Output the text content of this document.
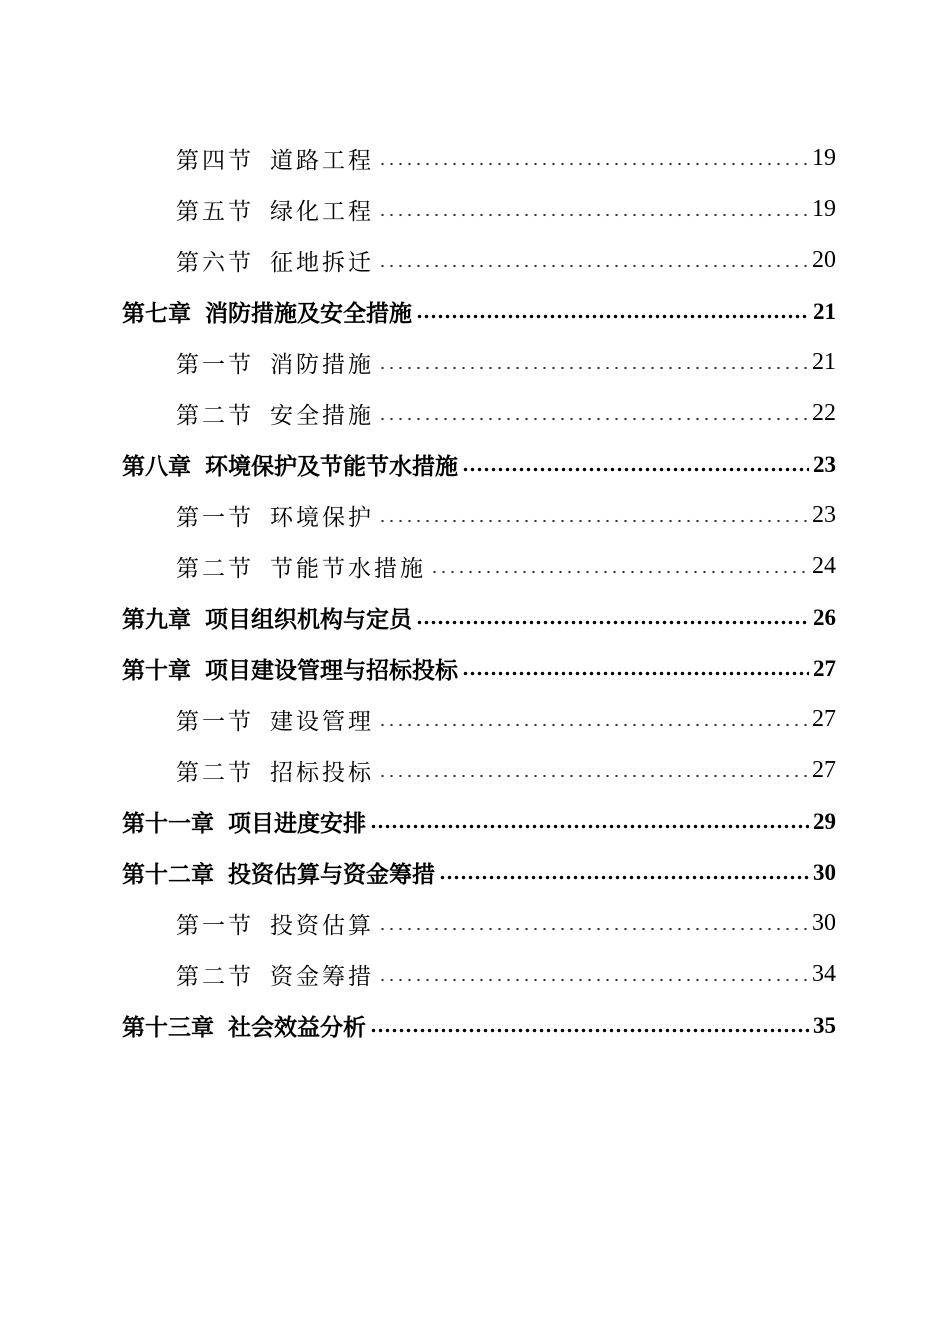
第四节 道路工程	19
第五节 绿化工程	19
第六节 征地拆迁	20
第七章 消防措施及安全措施	21
第一节 消防措施	21
第二节 安全措施	22
第八章 环境保护及节能节水措施	23
第一节 环境保护	23
第二节 节能节水措施	24
第九章 项目组织机构与定员	26
第十章 项目建设管理与招标投标	27
第一节 建设管理	27
第二节 招标投标	27
第十一章 项目进度安排	29
第十二章 投资估算与资金筹措	30
第一节 投资估算	30
第二节 资金筹措	34
第十三章 社会效益分析	35
